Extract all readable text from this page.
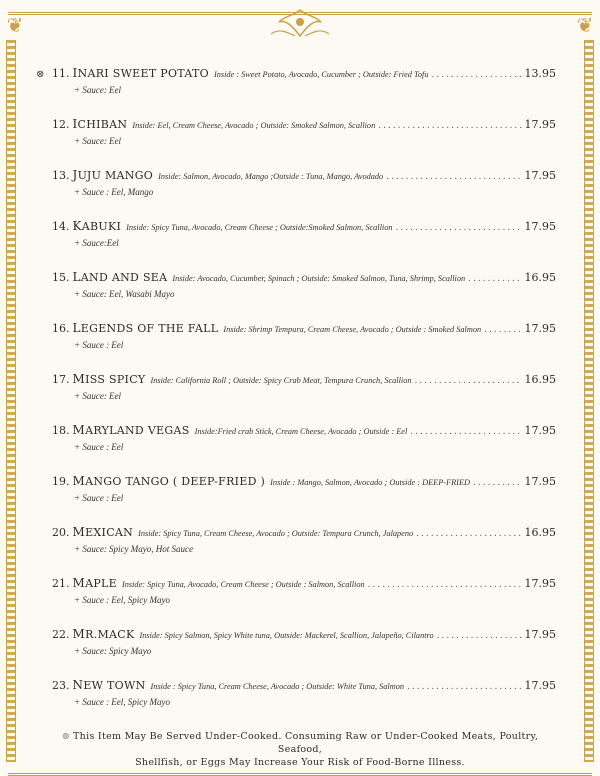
❦	❦
⊗ 11. INARI SWEET POTATO Inside : Sweet Potato, Avocado, Cucumber ; Outside: Fried Tofu .....	13.95
+ Sauce: Eel
12. ICHIBAN Inside: Eel, Cream Cheese, Avocado ; Outside: Smoked Salmon, Scallion .....	17.95
+ Sauce: Eel
13. JUJU MANGO Inside: Salmon, Avocado, Mango ;Outside : Tuna, Mango, Avodado .....	17.95
+ Sauce : Eel, Mango
14. KABUKI Inside: Spicy Tuna, Avocado, Cream Cheese ; Outside:Smoked Salmon, Scallion .....	17.95
+ Sauce:Eel
15. LAND AND SEA Inside: Avocado, Cucumber, Spinach ; Outside: Smoked Salmon, Tuna, Shrimp, Scallion .....	16.95
+ Sauce: Eel, Wasabi Mayo
16. LEGENDS OF THE FALL Inside: Shrimp Tempura, Cream Cheese, Avocado ; Outside : Smoked Salmon .....	17.95
+ Sauce : Eel
17. MISS SPICY Inside: California Roll ; Outside: Spicy Crab Meat, Tempura Crunch, Scallion .....	16.95
+ Sauce: Eel
18. MARYLAND VEGAS Inside:Fried crab Stick, Cream Cheese, Avocado ; Outside : Eel .....	17.95
+ Sauce : Eel
19. MANGO TANGO ( DEEP-FRIED ) Inside : Mango, Salmon, Avocado ; Outside : DEEP-FRIED .....	17.95
+ Sauce : Eel
20. MEXICAN Inside: Spicy Tuna, Cream Cheese, Avocado ; Outside: Tempura Crunch, Jalapeno .....	16.95
+ Sauce: Spicy Mayo, Hot Sauce
21. MAPLE Inside: Spicy Tuna, Avocado, Cream Cheese ; Outside : Salmon, Scallion .....	17.95
+ Sauce : Eel, Spicy Mayo
22. MR.MACK Inside: Spicy Salmon, Spicy White tuna, Outside: Mackerel, Scallion, Jalapeño, Cilantro .....	17.95
+ Sauce: Spicy Mayo
23. NEW TOWN Inside : Spicy Tuna, Cream Cheese, Avocado ; Outside: White Tuna, Salmon .....	17.95
+ Sauce : Eel, Spicy Mayo
⊗ This Item May Be Served Under-Cooked. Consuming Raw or Under-Cooked Meats, Poultry, Seafood,
Shellfish, or Eggs May Increase Your Risk of Food-Borne Illness.
